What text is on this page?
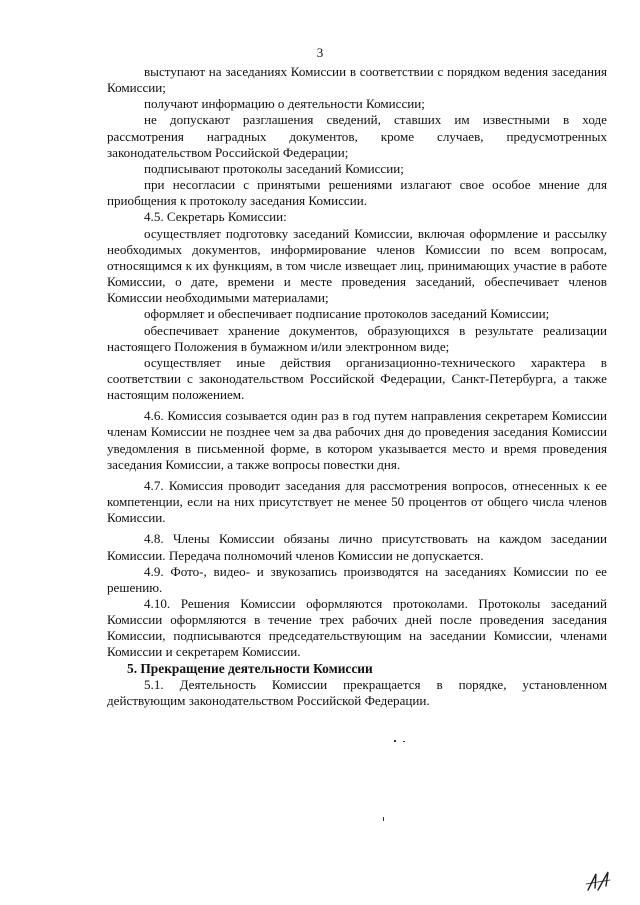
3

выступают на заседаниях Комиссии в соответствии с порядком ведения заседания Комиссии;

получают информацию о деятельности Комиссии;

не допускают разглашения сведений, ставших им известными в ходе рассмотрения наградных документов, кроме случаев, предусмотренных законодательством Российской Федерации;

подписывают протоколы заседаний Комиссии;

при несогласии с принятыми решениями излагают свое особое мнение для приобщения к протоколу заседания Комиссии.

4.5. Секретарь Комиссии:

осуществляет подготовку заседаний Комиссии, включая оформление и рассылку необходимых документов, информирование членов Комиссии по всем вопросам, относящимся к их функциям, в том числе извещает лиц, принимающих участие в работе Комиссии, о дате, времени и месте проведения заседаний, обеспечивает членов Комиссии необходимыми материалами;

оформляет и обеспечивает подписание протоколов заседаний Комиссии;

обеспечивает хранение документов, образующихся в результате реализации настоящего Положения в бумажном и/или электронном виде;

осуществляет иные действия организационно-технического характера в соответствии с законодательством Российской Федерации, Санкт-Петербурга, а также настоящим положением.

4.6. Комиссия созывается один раз в год путем направления секретарем Комиссии членам Комиссии не позднее чем за два рабочих дня до проведения заседания Комиссии уведомления в письменной форме, в котором указывается место и время проведения заседания Комиссии, а также вопросы повестки дня.

4.7. Комиссия проводит заседания для рассмотрения вопросов, отнесенных к ее компетенции, если на них присутствует не менее 50 процентов от общего числа членов Комиссии.

4.8. Члены Комиссии обязаны лично присутствовать на каждом заседании Комиссии. Передача полномочий членов Комиссии не допускается.

4.9. Фото-, видео- и звукозапись производятся на заседаниях Комиссии по ее решению.

4.10. Решения Комиссии оформляются протоколами. Протоколы заседаний Комиссии оформляются в течение трех рабочих дней после проведения заседания Комиссии, подписываются председательствующим на заседании Комиссии, членами Комиссии и секретарем Комиссии.

5. Прекращение деятельности Комиссии

5.1. Деятельность Комиссии прекращается в порядке, установленном действующим законодательством Российской Федерации.
